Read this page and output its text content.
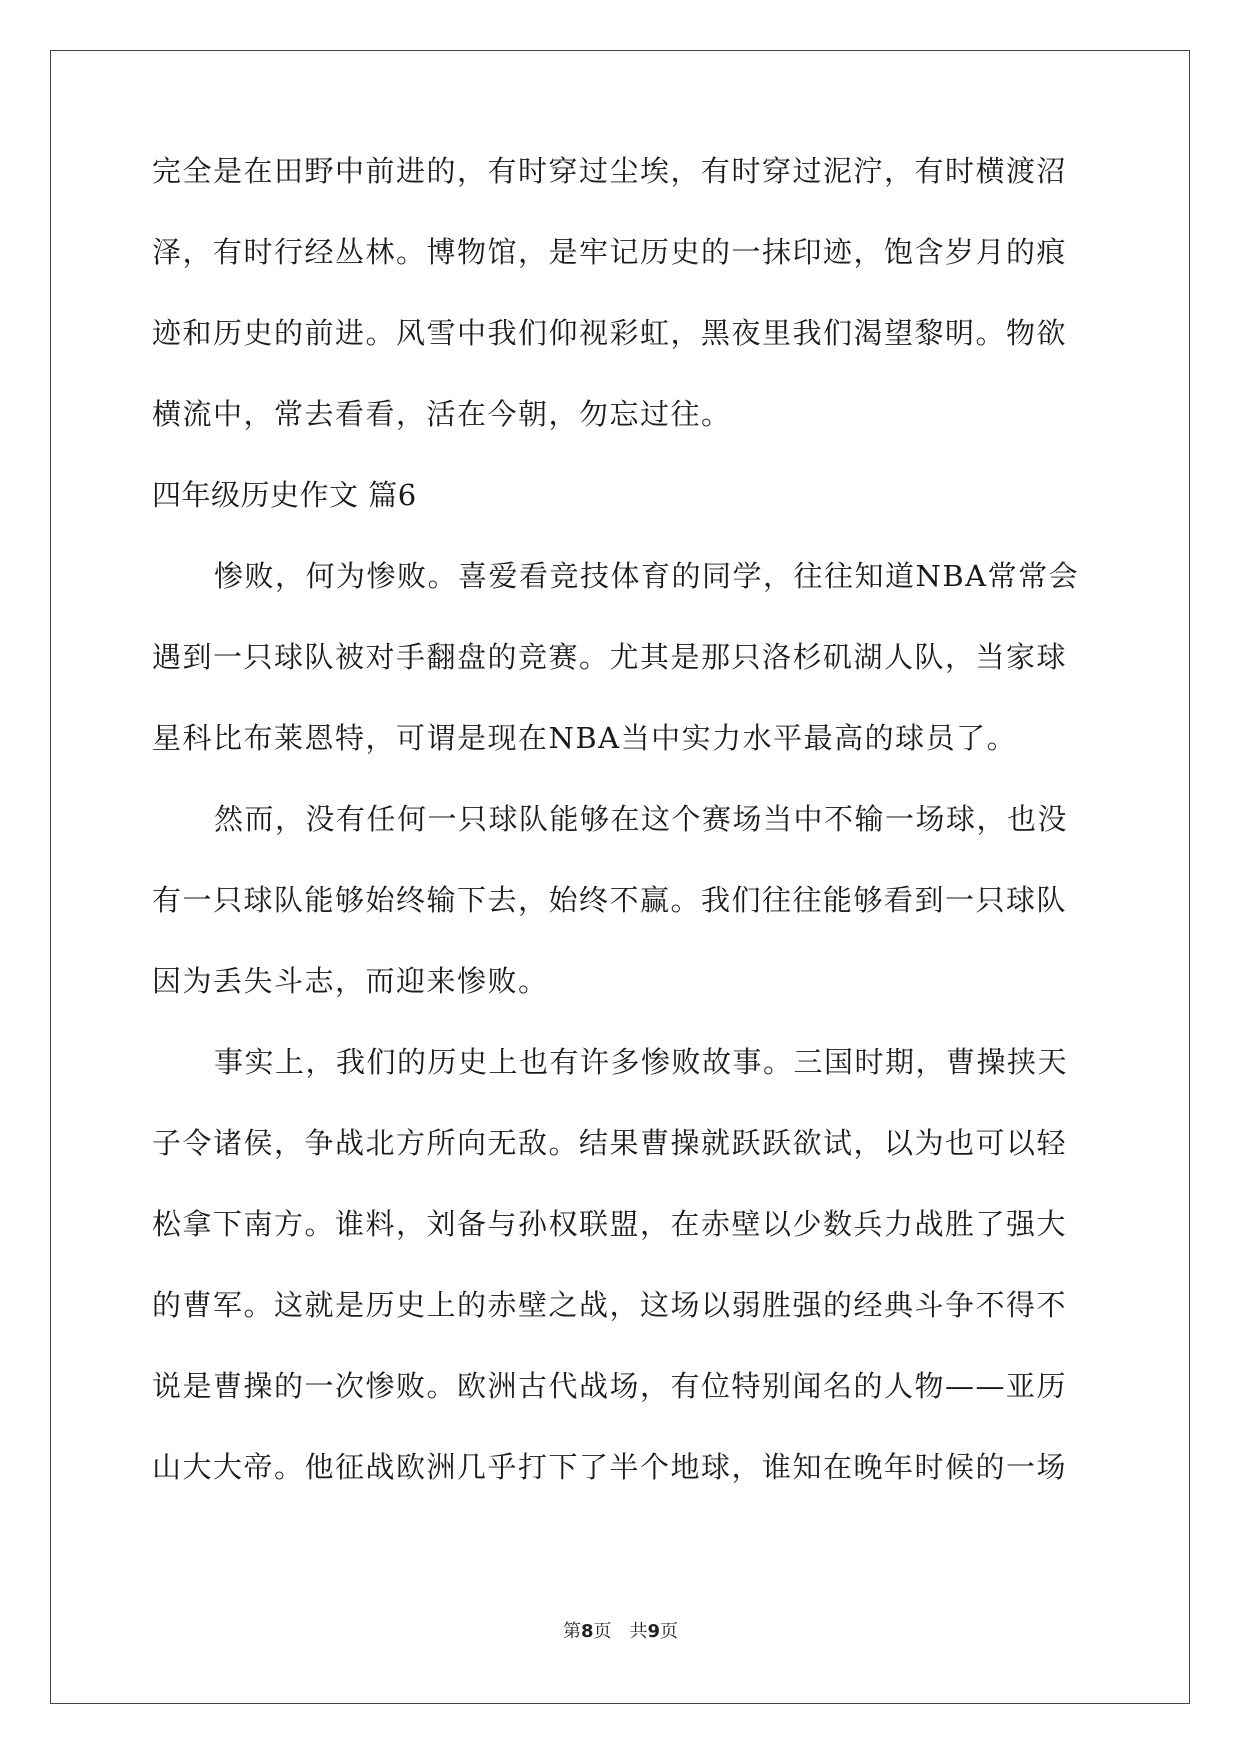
完全是在田野中前进的，有时穿过尘埃，有时穿过泥泞，有时横渡沼
泽，有时行经丛林。博物馆，是牢记历史的一抹印迹，饱含岁月的痕
迹和历史的前进。风雪中我们仰视彩虹，黑夜里我们渴望黎明。物欲
横流中，常去看看，活在今朝，勿忘过往。
四年级历史作文 篇6
惨败，何为惨败。喜爱看竞技体育的同学，往往知道NBA常常会
遇到一只球队被对手翻盘的竞赛。尤其是那只洛杉矶湖人队，当家球
星科比布莱恩特，可谓是现在NBA当中实力水平最高的球员了。
然而，没有任何一只球队能够在这个赛场当中不输一场球，也没
有一只球队能够始终输下去，始终不赢。我们往往能够看到一只球队
因为丢失斗志，而迎来惨败。
事实上，我们的历史上也有许多惨败故事。三国时期，曹操挟天
子令诸侯，争战北方所向无敌。结果曹操就跃跃欲试，以为也可以轻
松拿下南方。谁料，刘备与孙权联盟，在赤壁以少数兵力战胜了强大
的曹军。这就是历史上的赤壁之战，这场以弱胜强的经典斗争不得不
说是曹操的一次惨败。欧洲古代战场，有位特别闻名的人物——亚历
山大大帝。他征战欧洲几乎打下了半个地球，谁知在晚年时候的一场
第8页 共9页
